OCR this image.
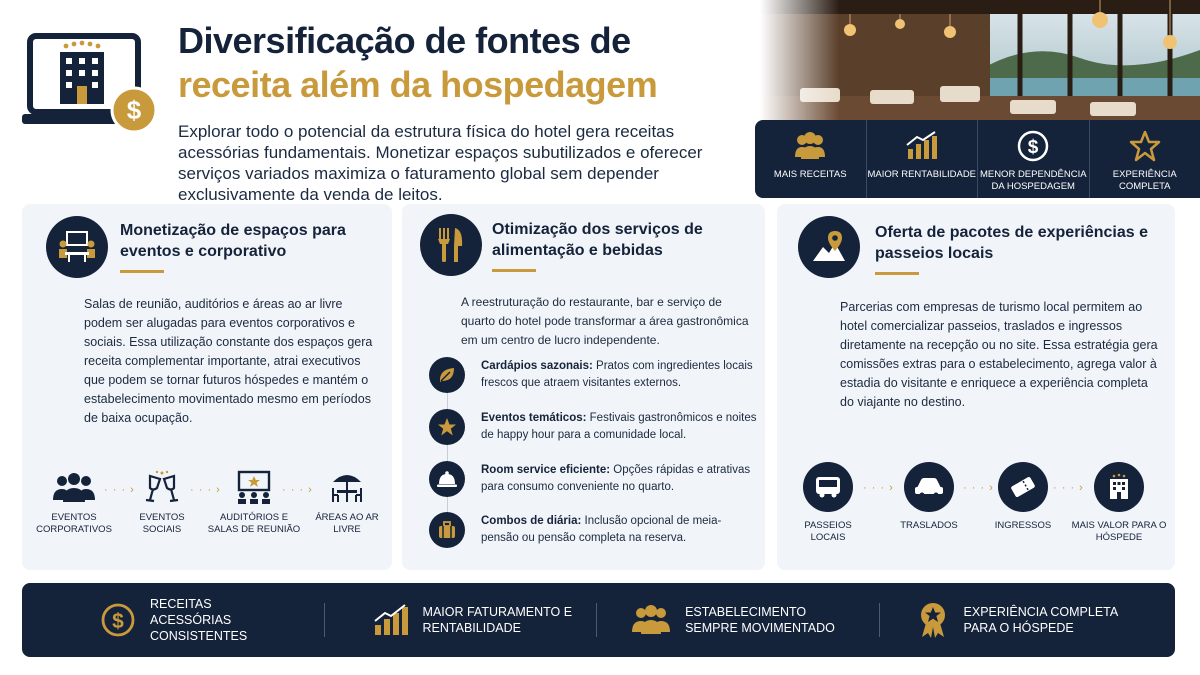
$
Diversificação de fontes de
receita além da hospedagem
Explorar todo o potencial da estrutura física do hotel gera receitas acessórias fundamentais. Monetizar espaços subutilizados e oferecer serviços variados maximiza o faturamento global sem depender exclusivamente da venda de leitos.
MAIS RECEITAS MAIOR RENTABILIDADE
$
MENOR DEPENDÊNCIA DA HOSPEDAGEM
EXPERIÊNCIA COMPLETA
Monetização de espaços para eventos e corporativo
Salas de reunião, auditórios e áreas ao ar livre podem ser alugadas para eventos corporativos e sociais. Essa utilização constante dos espaços gera receita complementar importante, atrai executivos que podem se tornar futuros hóspedes e mantém o estabelecimento movimentado mesmo em períodos de baixa ocupação.
EVENTOS CORPORATIVOS
· · · ›
EVENTOS SOCIAIS
· · · ›
AUDITÓRIOS E SALAS DE REUNIÃO
· · · ›
ÁREAS AO AR LIVRE
Otimização dos serviços de alimentação e bebidas
A reestruturação do restaurante, bar e serviço de quarto do hotel pode transformar a área gastronômica em um centro de lucro independente.
Cardápios sazonais: Pratos com ingredientes locais frescos que atraem visitantes externos.
Eventos temáticos: Festivais gastronômicos e noites de happy hour para a comunidade local.
Room service eficiente: Opções rápidas e atrativas para consumo conveniente no quarto.
Combos de diária: Inclusão opcional de meia-pensão ou pensão completa na reserva.
Oferta de pacotes de experiências e passeios locais
Parcerias com empresas de turismo local permitem ao hotel comercializar passeios, traslados e ingressos diretamente na recepção ou no site. Essa estratégia gera comissões extras para o estabelecimento, agrega valor à estadia do visitante e enriquece a experiência completa do viajante no destino.
PASSEIOS LOCAIS
· · · ›
TRASLADOS
· · · ›
INGRESSOS
· · · ›
MAIS VALOR PARA O HÓSPEDE
$
RECEITAS ACESSÓRIAS CONSISTENTES
MAIOR FATURAMENTO E RENTABILIDADE
ESTABELECIMENTO SEMPRE MOVIMENTADO
EXPERIÊNCIA COMPLETA PARA O HÓSPEDE
